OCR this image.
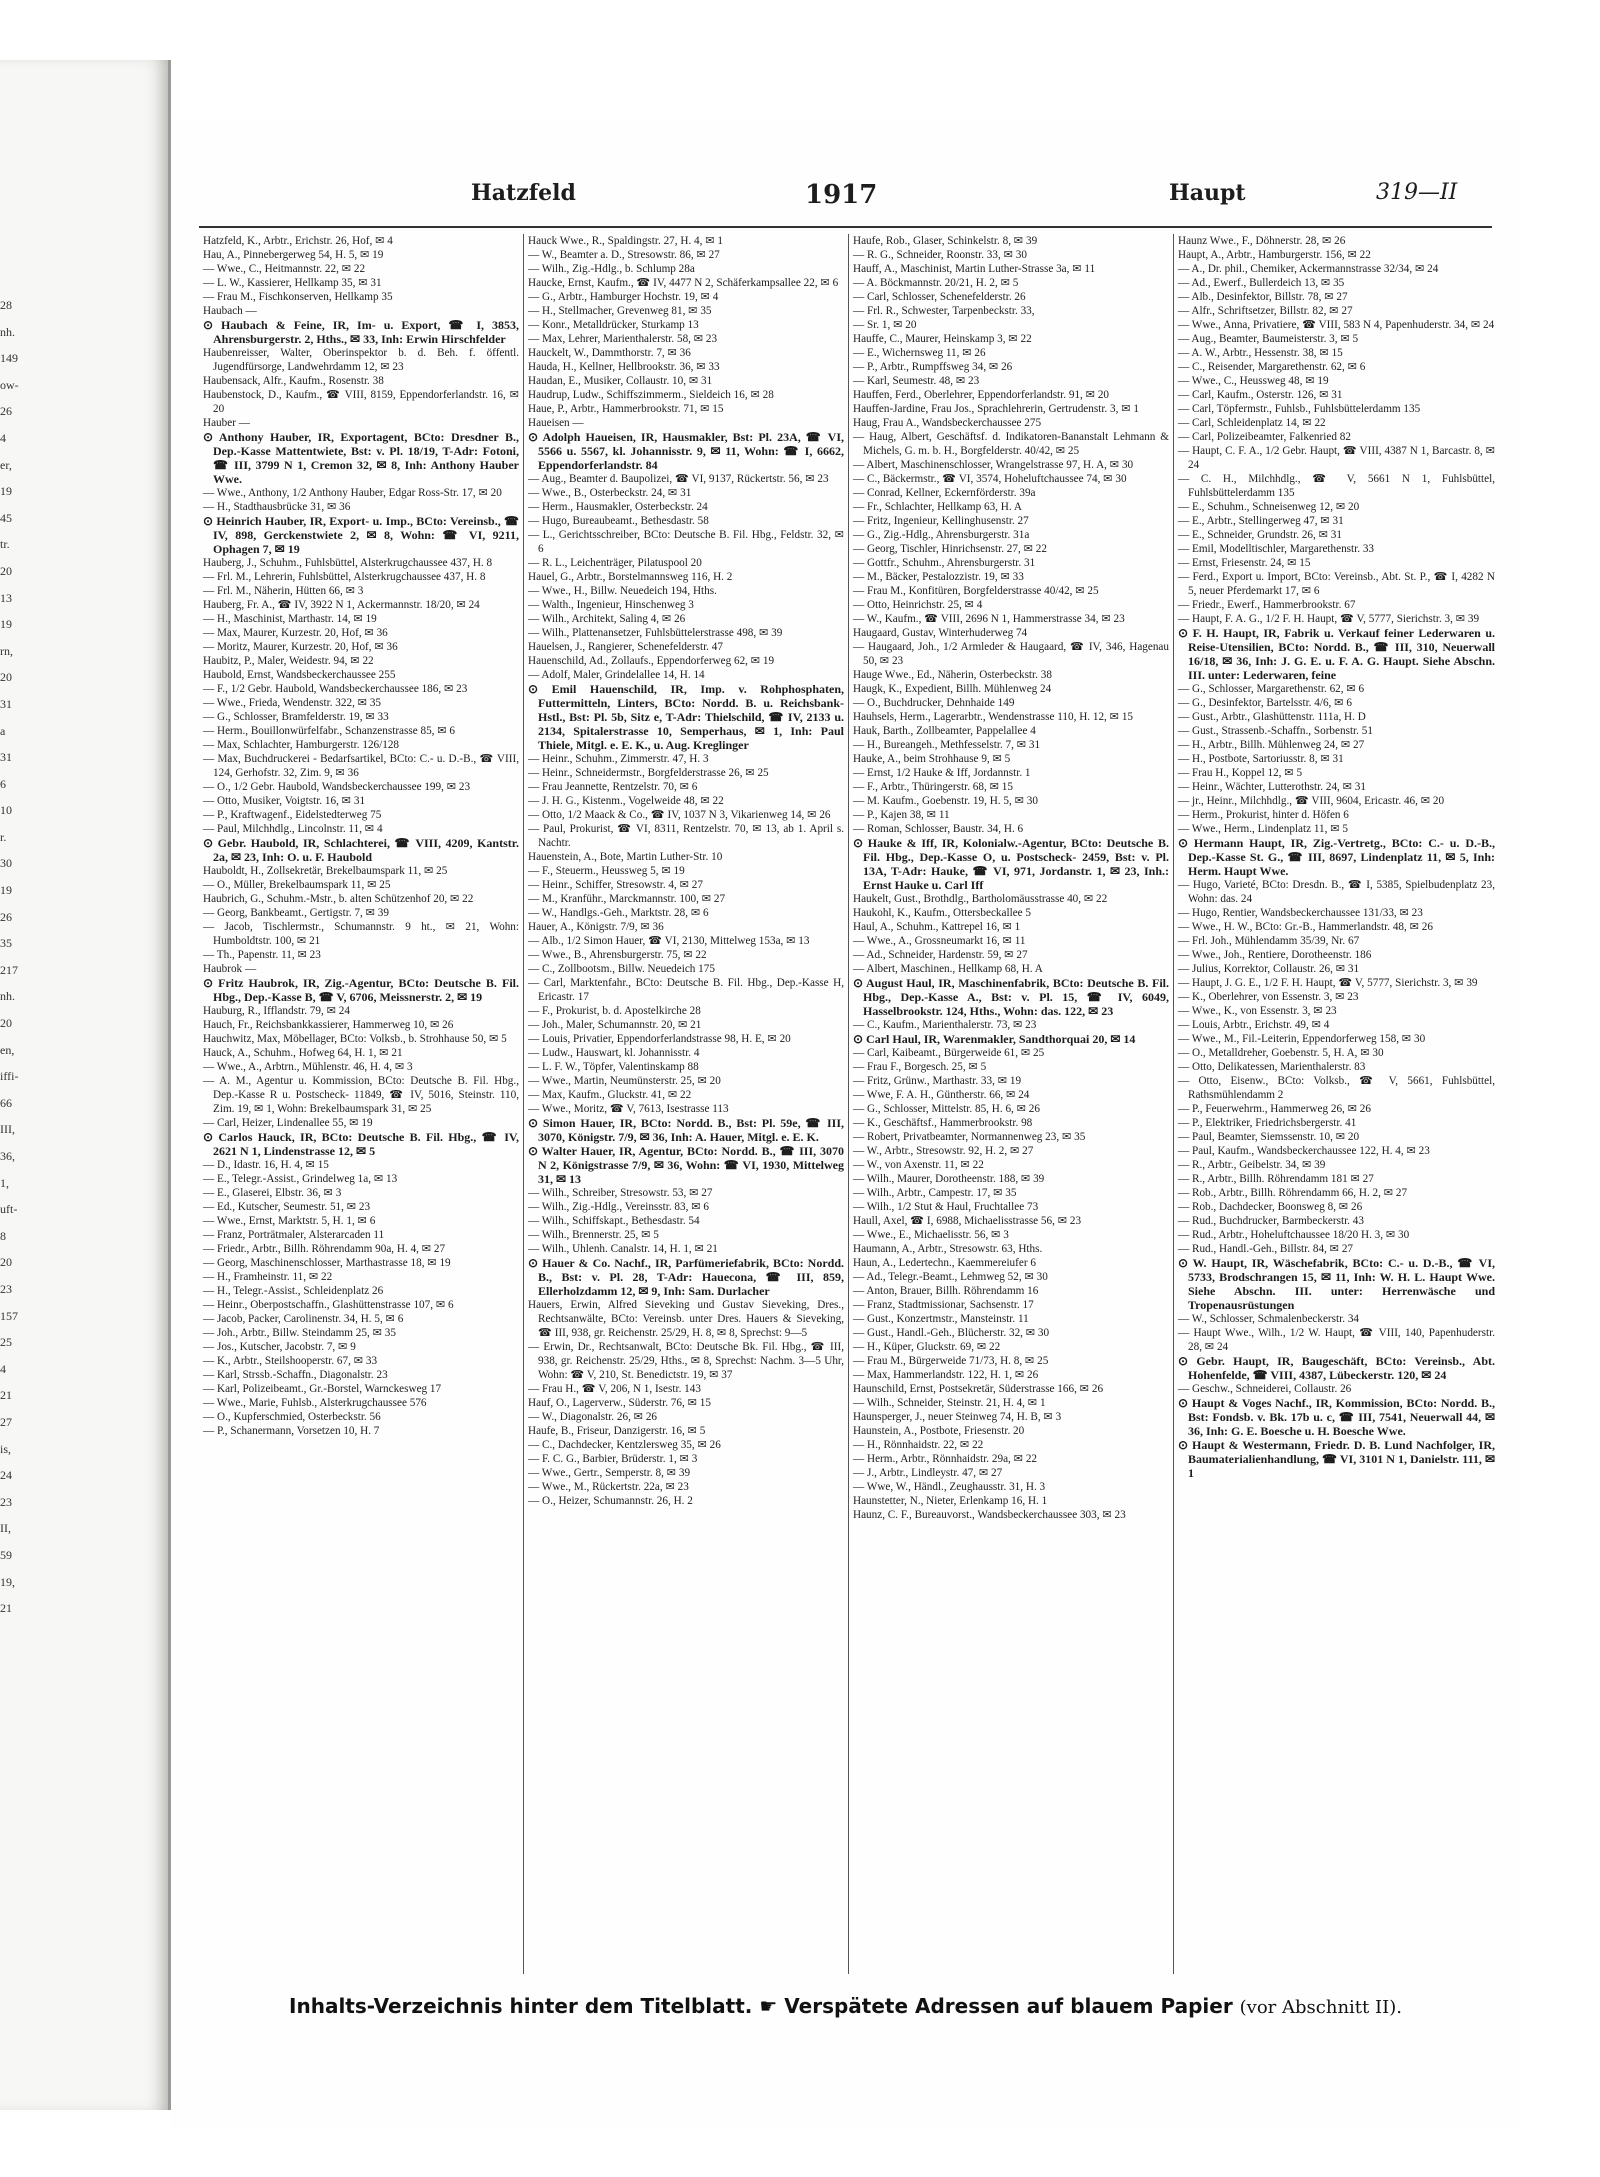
28
nh.
149
ow-
26
4
er,
19
45
tr.
20
13
19
rn,
20
31
a
31
6
10
r.
30
19
26
35
217
nh.
20
en,
iffi-
66
III,
36,
1,
uft-
8
20
23
157
25
4
21
27
is,
24
23
II,
59
19,
21
Hatzfeld	1917	Haupt	319—II
Hatzfeld, K., Arbtr., Erichstr. 26, Hof, ✉ 4
Hau, A., Pinnebergerweg 54, H. 5, ✉ 19
— Wwe., C., Heitmannstr. 22, ✉ 22
— L. W., Kassierer, Hellkamp 35, ✉ 31
— Frau M., Fischkonserven, Hellkamp 35
Haubach —
⊙ Haubach & Feine, IR, Im- u. Export, ☎ I, 3853, Ahrensburgerstr. 2, Hths., ✉ 33, Inh: Erwin Hirschfelder
Haubenreisser, Walter, Oberinspektor b. d. Beh. f. öffentl. Jugendfürsorge, Landwehrdamm 12, ✉ 23
Haubensack, Alfr., Kaufm., Rosenstr. 38
Haubenstock, D., Kaufm., ☎ VIII, 8159, Eppendorferlandstr. 16, ✉ 20
Hauber —
⊙ Anthony Hauber, IR, Exportagent, BCto: Dresdner B., Dep.-Kasse Mattentwiete, Bst: v. Pl. 18/19, T-Adr: Fotoni, ☎ III, 3799 N 1, Cremon 32, ✉ 8, Inh: Anthony Hauber Wwe.
— Wwe., Anthony, 1/2 Anthony Hauber, Edgar Ross-Str. 17, ✉ 20
— H., Stadthausbrücke 31, ✉ 36
⊙ Heinrich Hauber, IR, Export- u. Imp., BCto: Vereinsb., ☎ IV, 898, Gerckenstwiete 2, ✉ 8, Wohn: ☎ VI, 9211, Ophagen 7, ✉ 19
Hauberg, J., Schuhm., Fuhlsbüttel, Alsterkrugchaussee 437, H. 8
— Frl. M., Lehrerin, Fuhlsbüttel, Alsterkrugchaussee 437, H. 8
— Frl. M., Näherin, Hütten 66, ✉ 3
Hauberg, Fr. A., ☎ IV, 3922 N 1, Ackermannstr. 18/20, ✉ 24
— H., Maschinist, Marthastr. 14, ✉ 19
— Max, Maurer, Kurzestr. 20, Hof, ✉ 36
— Moritz, Maurer, Kurzestr. 20, Hof, ✉ 36
Haubitz, P., Maler, Weidestr. 94, ✉ 22
Haubold, Ernst, Wandsbeckerchaussee 255
— F., 1/2 Gebr. Haubold, Wandsbeckerchaussee 186, ✉ 23
— Wwe., Frieda, Wendenstr. 322, ✉ 35
— G., Schlosser, Bramfelderstr. 19, ✉ 33
— Herm., Bouillonwürfelfabr., Schanzenstrasse 85, ✉ 6
— Max, Schlachter, Hamburgerstr. 126/128
— Max, Buchdruckerei - Bedarfsartikel, BCto: C.- u. D.-B., ☎ VIII, 124, Gerhofstr. 32, Zim. 9, ✉ 36
— O., 1/2 Gebr. Haubold, Wandsbeckerchaussee 199, ✉ 23
— Otto, Musiker, Voigtstr. 16, ✉ 31
— P., Kraftwagenf., Eidelstedterweg 75
— Paul, Milchhdlg., Lincolnstr. 11, ✉ 4
⊙ Gebr. Haubold, IR, Schlachterei, ☎ VIII, 4209, Kantstr. 2a, ✉ 23, Inh: O. u. F. Haubold
Hauboldt, H., Zollsekretär, Brekelbaumspark 11, ✉ 25
— O., Müller, Brekelbaumspark 11, ✉ 25
Haubrich, G., Schuhm.-Mstr., b. alten Schützenhof 20, ✉ 22
— Georg, Bankbeamt., Gertigstr. 7, ✉ 39
— Jacob, Tischlermstr., Schumannstr. 9 ht., ✉ 21, Wohn: Humboldtstr. 100, ✉ 21
— Th., Papenstr. 11, ✉ 23
Haubrok —
⊙ Fritz Haubrok, IR, Zig.-Agentur, BCto: Deutsche B. Fil. Hbg., Dep.-Kasse B, ☎ V, 6706, Meissnerstr. 2, ✉ 19
Hauburg, R., Ifflandstr. 79, ✉ 24
Hauch, Fr., Reichsbankkassierer, Hammerweg 10, ✉ 26
Hauchwitz, Max, Möbellager, BCto: Volksb., b. Strohhause 50, ✉ 5
Hauck, A., Schuhm., Hofweg 64, H. 1, ✉ 21
— Wwe., A., Arbtrn., Mühlenstr. 46, H. 4, ✉ 3
— A. M., Agentur u. Kommission, BCto: Deutsche B. Fil. Hbg., Dep.-Kasse R u. Postscheck- 11849, ☎ IV, 5016, Steinstr. 110, Zim. 19, ✉ 1, Wohn: Brekelbaumspark 31, ✉ 25
— Carl, Heizer, Lindenallee 55, ✉ 19
⊙ Carlos Hauck, IR, BCto: Deutsche B. Fil. Hbg., ☎ IV, 2621 N 1, Lindenstrasse 12, ✉ 5
— D., Idastr. 16, H. 4, ✉ 15
— E., Telegr.-Assist., Grindelweg 1a, ✉ 13
— E., Glaserei, Elbstr. 36, ✉ 3
— Ed., Kutscher, Seumestr. 51, ✉ 23
— Wwe., Ernst, Marktstr. 5, H. 1, ✉ 6
— Franz, Porträtmaler, Alsterarcaden 11
— Friedr., Arbtr., Billh. Röhrendamm 90a, H. 4, ✉ 27
— Georg, Maschinenschlosser, Marthastrasse 18, ✉ 19
— H., Framheinstr. 11, ✉ 22
— H., Telegr.-Assist., Schleidenplatz 26
— Heinr., Oberpostschaffn., Glashüttenstrasse 107, ✉ 6
— Jacob, Packer, Carolinenstr. 34, H. 5, ✉ 6
— Joh., Arbtr., Billw. Steindamm 25, ✉ 35
— Jos., Kutscher, Jacobstr. 7, ✉ 9
— K., Arbtr., Steilshooperstr. 67, ✉ 33
— Karl, Strssb.-Schaffn., Diagonalstr. 23
— Karl, Polizeibeamt., Gr.-Borstel, Warnckesweg 17
— Wwe., Marie, Fuhlsb., Alsterkrugchaussee 576
— O., Kupferschmied, Osterbeckstr. 56
— P., Schanermann, Vorsetzen 10, H. 7
Hauck Wwe., R., Spaldingstr. 27, H. 4, ✉ 1
— W., Beamter a. D., Stresowstr. 86, ✉ 27
— Wilh., Zig.-Hdlg., b. Schlump 28a
Haucke, Ernst, Kaufm., ☎ IV, 4477 N 2, Schäferkampsallee 22, ✉ 6
— G., Arbtr., Hamburger Hochstr. 19, ✉ 4
— H., Stellmacher, Grevenweg 81, ✉ 35
— Konr., Metalldrücker, Sturkamp 13
— Max, Lehrer, Marienthalerstr. 58, ✉ 23
Hauckelt, W., Dammthorstr. 7, ✉ 36
Hauda, H., Kellner, Hellbrookstr. 36, ✉ 33
Haudan, E., Musiker, Collaustr. 10, ✉ 31
Haudrup, Ludw., Schiffszimmerm., Sieldeich 16, ✉ 28
Haue, P., Arbtr., Hammerbrookstr. 71, ✉ 15
Haueisen —
⊙ Adolph Haueisen, IR, Hausmakler, Bst: Pl. 23A, ☎ VI, 5566 u. 5567, kl. Johannisstr. 9, ✉ 11, Wohn: ☎ I, 6662, Eppendorferlandstr. 84
— Aug., Beamter d. Baupolizei, ☎ VI, 9137, Rückertstr. 56, ✉ 23
— Wwe., B., Osterbeckstr. 24, ✉ 31
— Herm., Hausmakler, Osterbeckstr. 24
— Hugo, Bureaubeamt., Bethesdastr. 58
— L., Gerichtsschreiber, BCto: Deutsche B. Fil. Hbg., Feldstr. 32, ✉ 6
— R. L., Leichenträger, Pilatuspool 20
Hauel, G., Arbtr., Borstelmannsweg 116, H. 2
— Wwe., H., Billw. Neuedeich 194, Hths.
— Walth., Ingenieur, Hinschenweg 3
— Wilh., Architekt, Saling 4, ✉ 26
— Wilh., Plattenansetzer, Fuhlsbüttelerstrasse 498, ✉ 39
Hauelsen, J., Rangierer, Schenefelderstr. 47
Hauenschild, Ad., Zollaufs., Eppendorferweg 62, ✉ 19
— Adolf, Maler, Grindelallee 14, H. 14
⊙ Emil Hauenschild, IR, Imp. v. Rohphosphaten, Futtermitteln, Linters, BCto: Nordd. B. u. Reichsbank-Hstl., Bst: Pl. 5b, Sitz e, T-Adr: Thielschild, ☎ IV, 2133 u. 2134, Spitalerstrasse 10, Semperhaus, ✉ 1, Inh: Paul Thiele, Mitgl. e. E. K., u. Aug. Kreglinger
— Heinr., Schuhm., Zimmerstr. 47, H. 3
— Heinr., Schneidermstr., Borgfelderstrasse 26, ✉ 25
— Frau Jeannette, Rentzelstr. 70, ✉ 6
— J. H. G., Kistenm., Vogelweide 48, ✉ 22
— Otto, 1/2 Maack & Co., ☎ IV, 1037 N 3, Vikarienweg 14, ✉ 26
— Paul, Prokurist, ☎ VI, 8311, Rentzelstr. 70, ✉ 13, ab 1. April s. Nachtr.
Hauenstein, A., Bote, Martin Luther-Str. 10
— F., Steuerm., Heussweg 5, ✉ 19
— Heinr., Schiffer, Stresowstr. 4, ✉ 27
— M., Kranführ., Marckmannstr. 100, ✉ 27
— W., Handlgs.-Geh., Marktstr. 28, ✉ 6
Hauer, A., Königstr. 7/9, ✉ 36
— Alb., 1/2 Simon Hauer, ☎ VI, 2130, Mittelweg 153a, ✉ 13
— Wwe., B., Ahrensburgerstr. 75, ✉ 22
— C., Zollbootsm., Billw. Neuedeich 175
— Carl, Marktenfahr., BCto: Deutsche B. Fil. Hbg., Dep.-Kasse H, Ericastr. 17
— F., Prokurist, b. d. Apostelkirche 28
— Joh., Maler, Schumannstr. 20, ✉ 21
— Louis, Privatier, Eppendorferlandstrasse 98, H. E, ✉ 20
— Ludw., Hauswart, kl. Johannisstr. 4
— L. F. W., Töpfer, Valentinskamp 88
— Wwe., Martin, Neumünsterstr. 25, ✉ 20
— Max, Kaufm., Gluckstr. 41, ✉ 22
— Wwe., Moritz, ☎ V, 7613, Isestrasse 113
⊙ Simon Hauer, IR, BCto: Nordd. B., Bst: Pl. 59e, ☎ III, 3070, Königstr. 7/9, ✉ 36, Inh: A. Hauer, Mitgl. e. E. K.
⊙ Walter Hauer, IR, Agentur, BCto: Nordd. B., ☎ III, 3070 N 2, Königstrasse 7/9, ✉ 36, Wohn: ☎ VI, 1930, Mittelweg 31, ✉ 13
— Wilh., Schreiber, Stresowstr. 53, ✉ 27
— Wilh., Zig.-Hdlg., Vereinsstr. 83, ✉ 6
— Wilh., Schiffskapt., Bethesdastr. 54
— Wilh., Brennerstr. 25, ✉ 5
— Wilh., Uhlenh. Canalstr. 14, H. 1, ✉ 21
⊙ Hauer & Co. Nachf., IR, Parfümeriefabrik, BCto: Nordd. B., Bst: v. Pl. 28, T-Adr: Hauecona, ☎ III, 859, Ellerholzdamm 12, ✉ 9, Inh: Sam. Durlacher
Hauers, Erwin, Alfred Sieveking und Gustav Sieveking, Dres., Rechtsanwälte, BCto: Vereinsb. unter Dres. Hauers & Sieveking, ☎ III, 938, gr. Reichenstr. 25/29, H. 8, ✉ 8, Sprechst: 9—5
— Erwin, Dr., Rechtsanwalt, BCto: Deutsche Bk. Fil. Hbg., ☎ III, 938, gr. Reichenstr. 25/29, Hths., ✉ 8, Sprechst: Nachm. 3—5 Uhr, Wohn: ☎ V, 210, St. Benedictstr. 19, ✉ 37
— Frau H., ☎ V, 206, N 1, Isestr. 143
Hauf, O., Lagerverw., Süderstr. 76, ✉ 15
— W., Diagonalstr. 26, ✉ 26
Haufe, B., Friseur, Danzigerstr. 16, ✉ 5
— C., Dachdecker, Kentzlersweg 35, ✉ 26
— F. C. G., Barbier, Brüderstr. 1, ✉ 3
— Wwe., Gertr., Semperstr. 8, ✉ 39
— Wwe., M., Rückertstr. 22a, ✉ 23
— O., Heizer, Schumannstr. 26, H. 2
Haufe, Rob., Glaser, Schinkelstr. 8, ✉ 39
— R. G., Schneider, Roonstr. 33, ✉ 30
Hauff, A., Maschinist, Martin Luther-Strasse 3a, ✉ 11
— A. Böckmannstr. 20/21, H. 2, ✉ 5
— Carl, Schlosser, Schenefelderstr. 26
— Frl. R., Schwester, Tarpenbeckstr. 33,
— Sr. 1, ✉ 20
Hauffe, C., Maurer, Heinskamp 3, ✉ 22
— E., Wichernsweg 11, ✉ 26
— P., Arbtr., Rumpffsweg 34, ✉ 26
— Karl, Seumestr. 48, ✉ 23
Hauffen, Ferd., Oberlehrer, Eppendorferlandstr. 91, ✉ 20
Hauffen-Jardine, Frau Jos., Sprachlehrerin, Gertrudenstr. 3, ✉ 1
Haug, Frau A., Wandsbeckerchaussee 275
— Haug, Albert, Geschäftsf. d. Indikatoren-Bananstalt Lehmann & Michels, G. m. b. H., Borgfelderstr. 40/42, ✉ 25
— Albert, Maschinenschlosser, Wrangelstrasse 97, H. A, ✉ 30
— C., Bäckermstr., ☎ VI, 3574, Hoheluftchaussee 74, ✉ 30
— Conrad, Kellner, Eckernförderstr. 39a
— Fr., Schlachter, Hellkamp 63, H. A
— Fritz, Ingenieur, Kellinghusenstr. 27
— G., Zig.-Hdlg., Ahrensburgerstr. 31a
— Georg, Tischler, Hinrichsenstr. 27, ✉ 22
— Gottfr., Schuhm., Ahrensburgerstr. 31
— M., Bäcker, Pestalozzistr. 19, ✉ 33
— Frau M., Konfitüren, Borgfelderstrasse 40/42, ✉ 25
— Otto, Heinrichstr. 25, ✉ 4
— W., Kaufm., ☎ VIII, 2696 N 1, Hammerstrasse 34, ✉ 23
Haugaard, Gustav, Winterhuderweg 74
— Haugaard, Joh., 1/2 Armleder & Haugaard, ☎ IV, 346, Hagenau 50, ✉ 23
Hauge Wwe., Ed., Näherin, Osterbeckstr. 38
Haugk, K., Expedient, Billh. Mühlenweg 24
— O., Buchdrucker, Dehnhaide 149
Hauhsels, Herm., Lagerarbtr., Wendenstrasse 110, H. 12, ✉ 15
Hauk, Barth., Zollbeamter, Pappelallee 4
— H., Bureangeh., Methfesselstr. 7, ✉ 31
Hauke, A., beim Strohhause 9, ✉ 5
— Ernst, 1/2 Hauke & Iff, Jordannstr. 1
— F., Arbtr., Thüringerstr. 68, ✉ 15
— M. Kaufm., Goebenstr. 19, H. 5, ✉ 30
— P., Kajen 38, ✉ 11
— Roman, Schlosser, Baustr. 34, H. 6
⊙ Hauke & Iff, IR, Kolonialw.-Agentur, BCto: Deutsche B. Fil. Hbg., Dep.-Kasse O, u. Postscheck- 2459, Bst: v. Pl. 13A, T-Adr: Hauke, ☎ VI, 971, Jordanstr. 1, ✉ 23, Inh.: Ernst Hauke u. Carl Iff
Haukelt, Gust., Brothdlg., Bartholomäusstrasse 40, ✉ 22
Haukohl, K., Kaufm., Ottersbeckallee 5
Haul, A., Schuhm., Kattrepel 16, ✉ 1
— Wwe., A., Grossneumarkt 16, ✉ 11
— Ad., Schneider, Hardenstr. 59, ✉ 27
— Albert, Maschinen., Hellkamp 68, H. A
⊙ August Haul, IR, Maschinenfabrik, BCto: Deutsche B. Fil. Hbg., Dep.-Kasse A., Bst: v. Pl. 15, ☎ IV, 6049, Hasselbrookstr. 124, Hths., Wohn: das. 122, ✉ 23
— C., Kaufm., Marienthalerstr. 73, ✉ 23
⊙ Carl Haul, IR, Warenmakler, Sandthorquai 20, ✉ 14
— Carl, Kaibeamt., Bürgerweide 61, ✉ 25
— Frau F., Borgesch. 25, ✉ 5
— Fritz, Grünw., Marthastr. 33, ✉ 19
— Wwe, F. A. H., Güntherstr. 66, ✉ 24
— G., Schlosser, Mittelstr. 85, H. 6, ✉ 26
— K., Geschäftsf., Hammerbrookstr. 98
— Robert, Privatbeamter, Normannenweg 23, ✉ 35
— W., Arbtr., Stresowstr. 92, H. 2, ✉ 27
— W., von Axenstr. 11, ✉ 22
— Wilh., Maurer, Dorotheenstr. 188, ✉ 39
— Wilh., Arbtr., Campestr. 17, ✉ 35
— Wilh., 1/2 Stut & Haul, Fruchtallee 73
Haull, Axel, ☎ I, 6988, Michaelisstrasse 56, ✉ 23
— Wwe., E., Michaelisstr. 56, ✉ 3
Haumann, A., Arbtr., Stresowstr. 63, Hths.
Haun, A., Ledertechn., Kaemmereiufer 6
— Ad., Telegr.-Beamt., Lehmweg 52, ✉ 30
— Anton, Brauer, Billh. Röhrendamm 16
— Franz, Stadtmissionar, Sachsenstr. 17
— Gust., Konzertmstr., Mansteinstr. 11
— Gust., Handl.-Geh., Blücherstr. 32, ✉ 30
— H., Küper, Gluckstr. 69, ✉ 22
— Frau M., Bürgerweide 71/73, H. 8, ✉ 25
— Max, Hammerlandstr. 122, H. 1, ✉ 26
Haunschild, Ernst, Postsekretär, Süderstrasse 166, ✉ 26
— Wilh., Schneider, Steinstr. 21, H. 4, ✉ 1
Haunsperger, J., neuer Steinweg 74, H. B, ✉ 3
Haunstein, A., Postbote, Friesenstr. 20
— H., Rönnhaidstr. 22, ✉ 22
— Herm., Arbtr., Rönnhaidstr. 29a, ✉ 22
— J., Arbtr., Lindleystr. 47, ✉ 27
— Wwe, W., Händl., Zeughausstr. 31, H. 3
Haunstetter, N., Nieter, Erlenkamp 16, H. 1
Haunz, C. F., Bureauvorst., Wandsbeckerchaussee 303, ✉ 23
Haunz Wwe., F., Döhnerstr. 28, ✉ 26
Haupt, A., Arbtr., Hamburgerstr. 156, ✉ 22
— A., Dr. phil., Chemiker, Ackermannstrasse 32/34, ✉ 24
— Ad., Ewerf., Bullerdeich 13, ✉ 35
— Alb., Desinfektor, Billstr. 78, ✉ 27
— Alfr., Schriftsetzer, Billstr. 82, ✉ 27
— Wwe., Anna, Privatiere, ☎ VIII, 583 N 4, Papenhuderstr. 34, ✉ 24
— Aug., Beamter, Baumeisterstr. 3, ✉ 5
— A. W., Arbtr., Hessenstr. 38, ✉ 15
— C., Reisender, Margarethenstr. 62, ✉ 6
— Wwe., C., Heussweg 48, ✉ 19
— Carl, Kaufm., Osterstr. 126, ✉ 31
— Carl, Töpfermstr., Fuhlsb., Fuhlsbüttelerdamm 135
— Carl, Schleidenplatz 14, ✉ 22
— Carl, Polizeibeamter, Falkenried 82
— Haupt, C. F. A., 1/2 Gebr. Haupt, ☎ VIII, 4387 N 1, Barcastr. 8, ✉ 24
— C. H., Milchhdlg., ☎ V, 5661 N 1, Fuhlsbüttel, Fuhlsbüttelerdamm 135
— E., Schuhm., Schneisenweg 12, ✉ 20
— E., Arbtr., Stellingerweg 47, ✉ 31
— E., Schneider, Grundstr. 26, ✉ 31
— Emil, Modelltischler, Margarethenstr. 33
— Ernst, Friesenstr. 24, ✉ 15
— Ferd., Export u. Import, BCto: Vereinsb., Abt. St. P., ☎ I, 4282 N 5, neuer Pferdemarkt 17, ✉ 6
— Friedr., Ewerf., Hammerbrookstr. 67
— Haupt, F. A. G., 1/2 F. H. Haupt, ☎ V, 5777, Sierichstr. 3, ✉ 39
⊙ F. H. Haupt, IR, Fabrik u. Verkauf feiner Lederwaren u. Reise-Utensilien, BCto: Nordd. B., ☎ III, 310, Neuerwall 16/18, ✉ 36, Inh: J. G. E. u. F. A. G. Haupt. Siehe Abschn. III. unter: Lederwaren, feine
— G., Schlosser, Margarethenstr. 62, ✉ 6
— G., Desinfektor, Bartelsstr. 4/6, ✉ 6
— Gust., Arbtr., Glashüttenstr. 111a, H. D
— Gust., Strassenb.-Schaffn., Sorbenstr. 51
— H., Arbtr., Billh. Mühlenweg 24, ✉ 27
— H., Postbote, Sartoriusstr. 8, ✉ 31
— Frau H., Koppel 12, ✉ 5
— Heinr., Wächter, Lutterothstr. 24, ✉ 31
— jr., Heinr., Milchhdlg., ☎ VIII, 9604, Ericastr. 46, ✉ 20
— Herm., Prokurist, hinter d. Höfen 6
— Wwe., Herm., Lindenplatz 11, ✉ 5
⊙ Hermann Haupt, IR, Zig.-Vertretg., BCto: C.- u. D.-B., Dep.-Kasse St. G., ☎ III, 8697, Lindenplatz 11, ✉ 5, Inh: Herm. Haupt Wwe.
— Hugo, Varieté, BCto: Dresdn. B., ☎ I, 5385, Spielbudenplatz 23, Wohn: das. 24
— Hugo, Rentier, Wandsbeckerchaussee 131/33, ✉ 23
— Wwe., H. W., BCto: Gr.-B., Hammerlandstr. 48, ✉ 26
— Frl. Joh., Mühlendamm 35/39, Nr. 67
— Wwe., Joh., Rentiere, Dorotheenstr. 186
— Julius, Korrektor, Collaustr. 26, ✉ 31
— Haupt, J. G. E., 1/2 F. H. Haupt, ☎ V, 5777, Sierichstr. 3, ✉ 39
— K., Oberlehrer, von Essenstr. 3, ✉ 23
— Wwe., K., von Essenstr. 3, ✉ 23
— Louis, Arbtr., Erichstr. 49, ✉ 4
— Wwe., M., Fil.-Leiterin, Eppendorferweg 158, ✉ 30
— O., Metalldreher, Goebenstr. 5, H. A, ✉ 30
— Otto, Delikatessen, Marienthalerstr. 83
— Otto, Eisenw., BCto: Volksb., ☎ V, 5661, Fuhlsbüttel, Rathsmühlendamm 2
— P., Feuerwehrm., Hammerweg 26, ✉ 26
— P., Elektriker, Friedrichsbergerstr. 41
— Paul, Beamter, Siemssenstr. 10, ✉ 20
— Paul, Kaufm., Wandsbeckerchaussee 122, H. 4, ✉ 23
— R., Arbtr., Geibelstr. 34, ✉ 39
— R., Arbtr., Billh. Röhrendamm 181 ✉ 27
— Rob., Arbtr., Billh. Röhrendamm 66, H. 2, ✉ 27
— Rob., Dachdecker, Boonsweg 8, ✉ 26
— Rud., Buchdrucker, Barmbeckerstr. 43
— Rud., Arbtr., Hoheluftchaussee 18/20 H. 3, ✉ 30
— Rud., Handl.-Geh., Billstr. 84, ✉ 27
⊙ W. Haupt, IR, Wäschefabrik, BCto: C.- u. D.-B., ☎ VI, 5733, Brodschrangen 15, ✉ 11, Inh: W. H. L. Haupt Wwe. Siehe Abschn. III. unter: Herrenwäsche und Tropenausrüstungen
— W., Schlosser, Schmalenbeckerstr. 34
— Haupt Wwe., Wilh., 1/2 W. Haupt, ☎ VIII, 140, Papenhuderstr. 28, ✉ 24
⊙ Gebr. Haupt, IR, Baugeschäft, BCto: Vereinsb., Abt. Hohenfelde, ☎ VIII, 4387, Lübeckerstr. 120, ✉ 24
— Geschw., Schneiderei, Collaustr. 26
⊙ Haupt & Voges Nachf., IR, Kommission, BCto: Nordd. B., Bst: Fondsb. v. Bk. 17b u. c, ☎ III, 7541, Neuerwall 44, ✉ 36, Inh: G. E. Boesche u. H. Boesche Wwe.
⊙ Haupt & Westermann, Friedr. D. B. Lund Nachfolger, IR, Baumaterialienhandlung, ☎ VI, 3101 N 1, Danielstr. 111, ✉ 1
Inhalts-Verzeichnis hinter dem Titelblatt. ☛ Verspätete Adressen auf blauem Papier (vor Abschnitt II).
